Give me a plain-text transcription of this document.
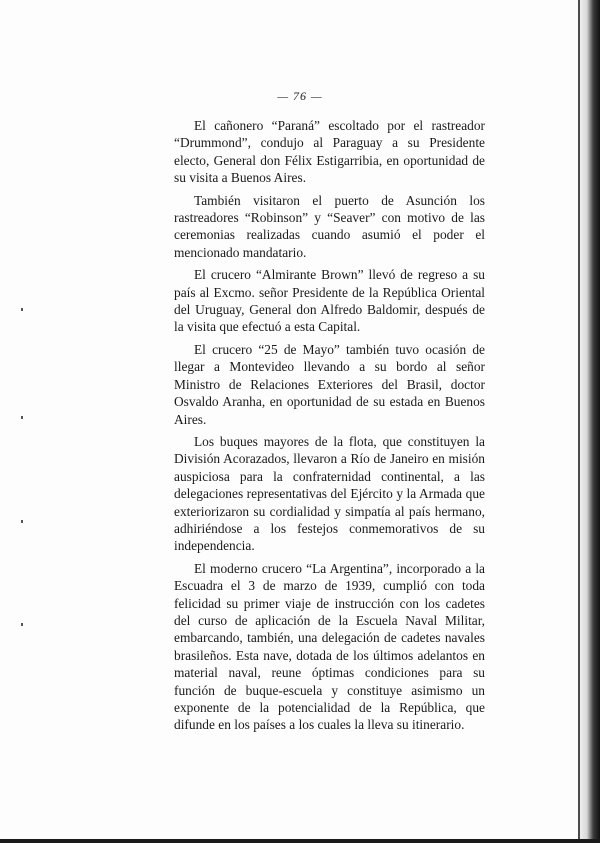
— 76 —

El cañonero “Paraná” escoltado por el rastreador “Drummond”, condujo al Paraguay a su Presidente electo, General don Félix Estigarribia, en oportunidad de su visita a Buenos Aires.

También visitaron el puerto de Asunción los rastreadores “Robinson” y “Seaver” con motivo de las ceremonias realizadas cuando asumió el poder el mencionado mandatario.

El crucero “Almirante Brown” llevó de regreso a su país al Excmo. señor Presidente de la República Oriental del Uruguay, General don Alfredo Baldomir, después de la visita que efectuó a esta Capital.

El crucero “25 de Mayo” también tuvo ocasión de llegar a Montevideo llevando a su bordo al señor Ministro de Relaciones Exteriores del Brasil, doctor Osvaldo Aranha, en oportunidad de su estada en Buenos Aires.

Los buques mayores de la flota, que constituyen la División Acorazados, llevaron a Río de Janeiro en misión auspiciosa para la confraternidad continental, a las delegaciones representativas del Ejército y la Armada que exteriorizaron su cordialidad y simpatía al país hermano, adhiriéndose a los festejos conmemorativos de su independencia.

El moderno crucero “La Argentina”, incorporado a la Escuadra el 3 de marzo de 1939, cumplió con toda felicidad su primer viaje de instrucción con los cadetes del curso de aplicación de la Escuela Naval Militar, embarcando, también, una delegación de cadetes navales brasileños. Esta nave, dotada de los últimos adelantos en material naval, reune óptimas condiciones para su función de buque-escuela y constituye asimismo un exponente de la potencialidad de la República, que difunde en los países a los cuales la lleva su itinerario.
